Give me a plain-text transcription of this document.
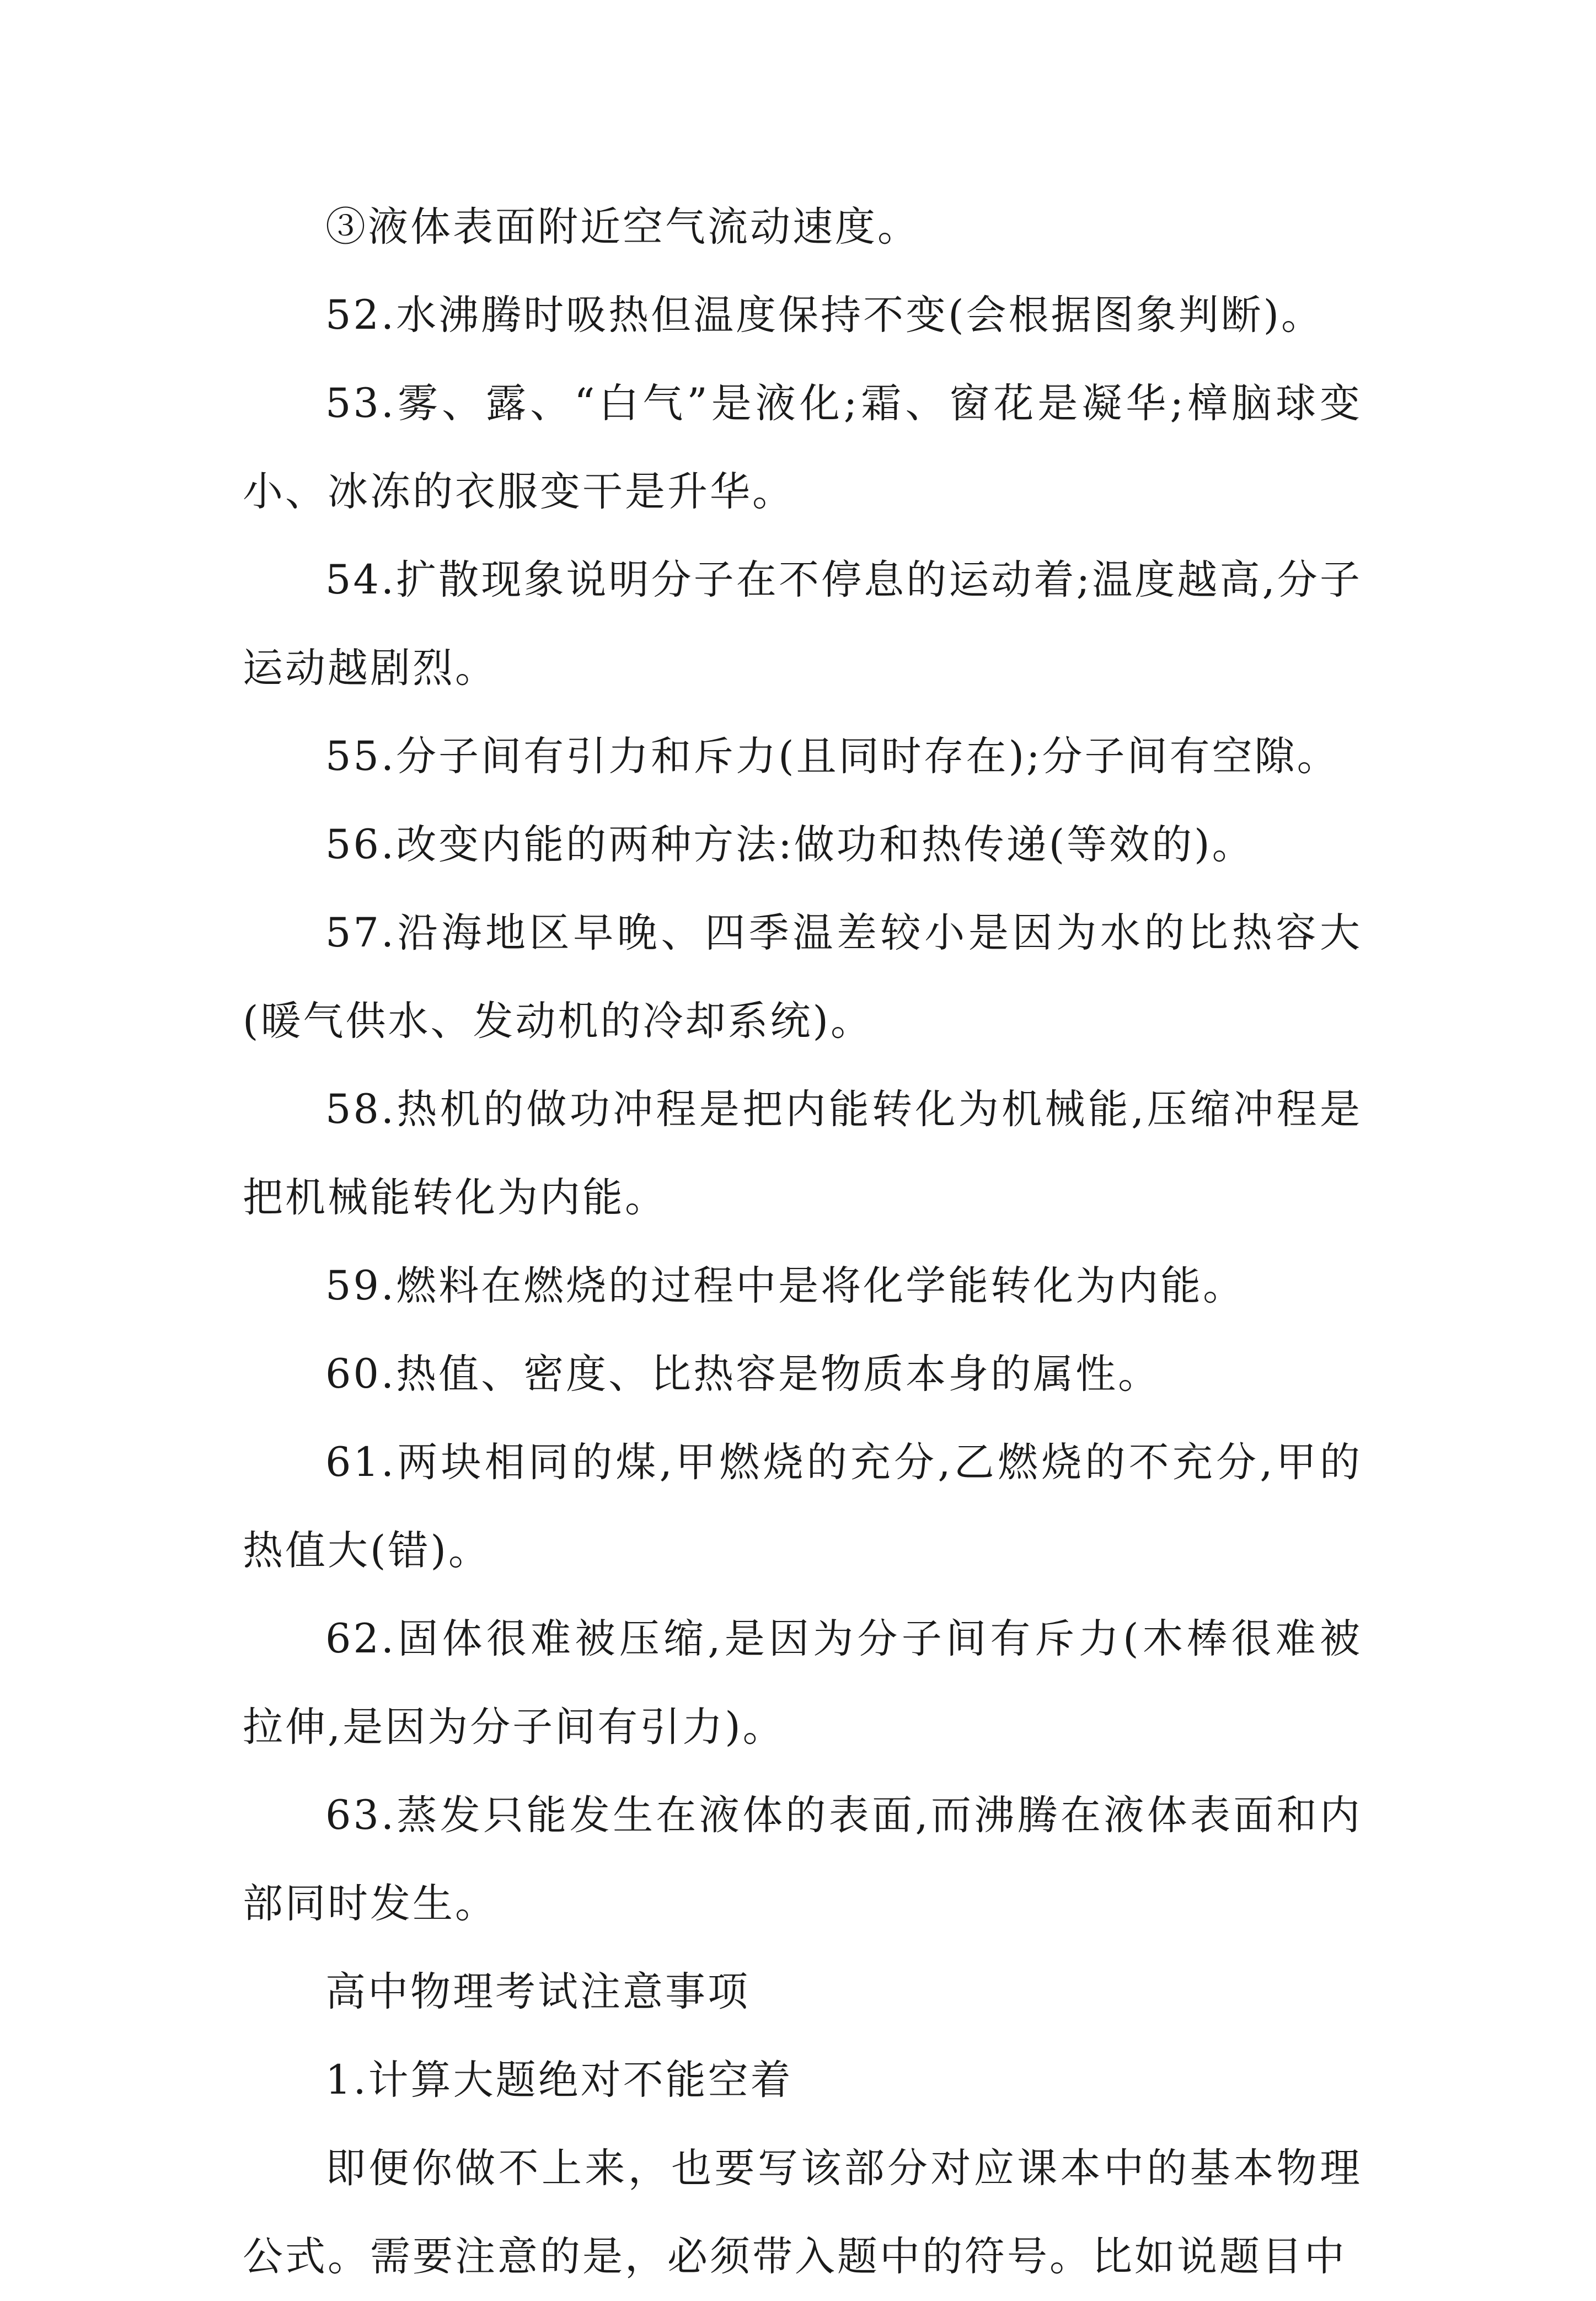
③液体表面附近空气流动速度。

52.水沸腾时吸热但温度保持不变(会根据图象判断)。

53.雾、露、“白气”是液化;霜、窗花是凝华;樟脑球变小、冰冻的衣服变干是升华。

54.扩散现象说明分子在不停息的运动着;温度越高,分子运动越剧烈。

55.分子间有引力和斥力(且同时存在);分子间有空隙。

56.改变内能的两种方法:做功和热传递(等效的)。

57.沿海地区早晚、四季温差较小是因为水的比热容大(暖气供水、发动机的冷却系统)。

58.热机的做功冲程是把内能转化为机械能,压缩冲程是把机械能转化为内能。

59.燃料在燃烧的过程中是将化学能转化为内能。

60.热值、密度、比热容是物质本身的属性。

61.两块相同的煤,甲燃烧的充分,乙燃烧的不充分,甲的热值大(错)。

62.固体很难被压缩,是因为分子间有斥力(木棒很难被拉伸,是因为分子间有引力)。

63.蒸发只能发生在液体的表面,而沸腾在液体表面和内部同时发生。

高中物理考试注意事项

1.计算大题绝对不能空着

即便你做不上来，也要写该部分对应课本中的基本物理公式。需要注意的是，必须带入题中的符号。比如说题目中
